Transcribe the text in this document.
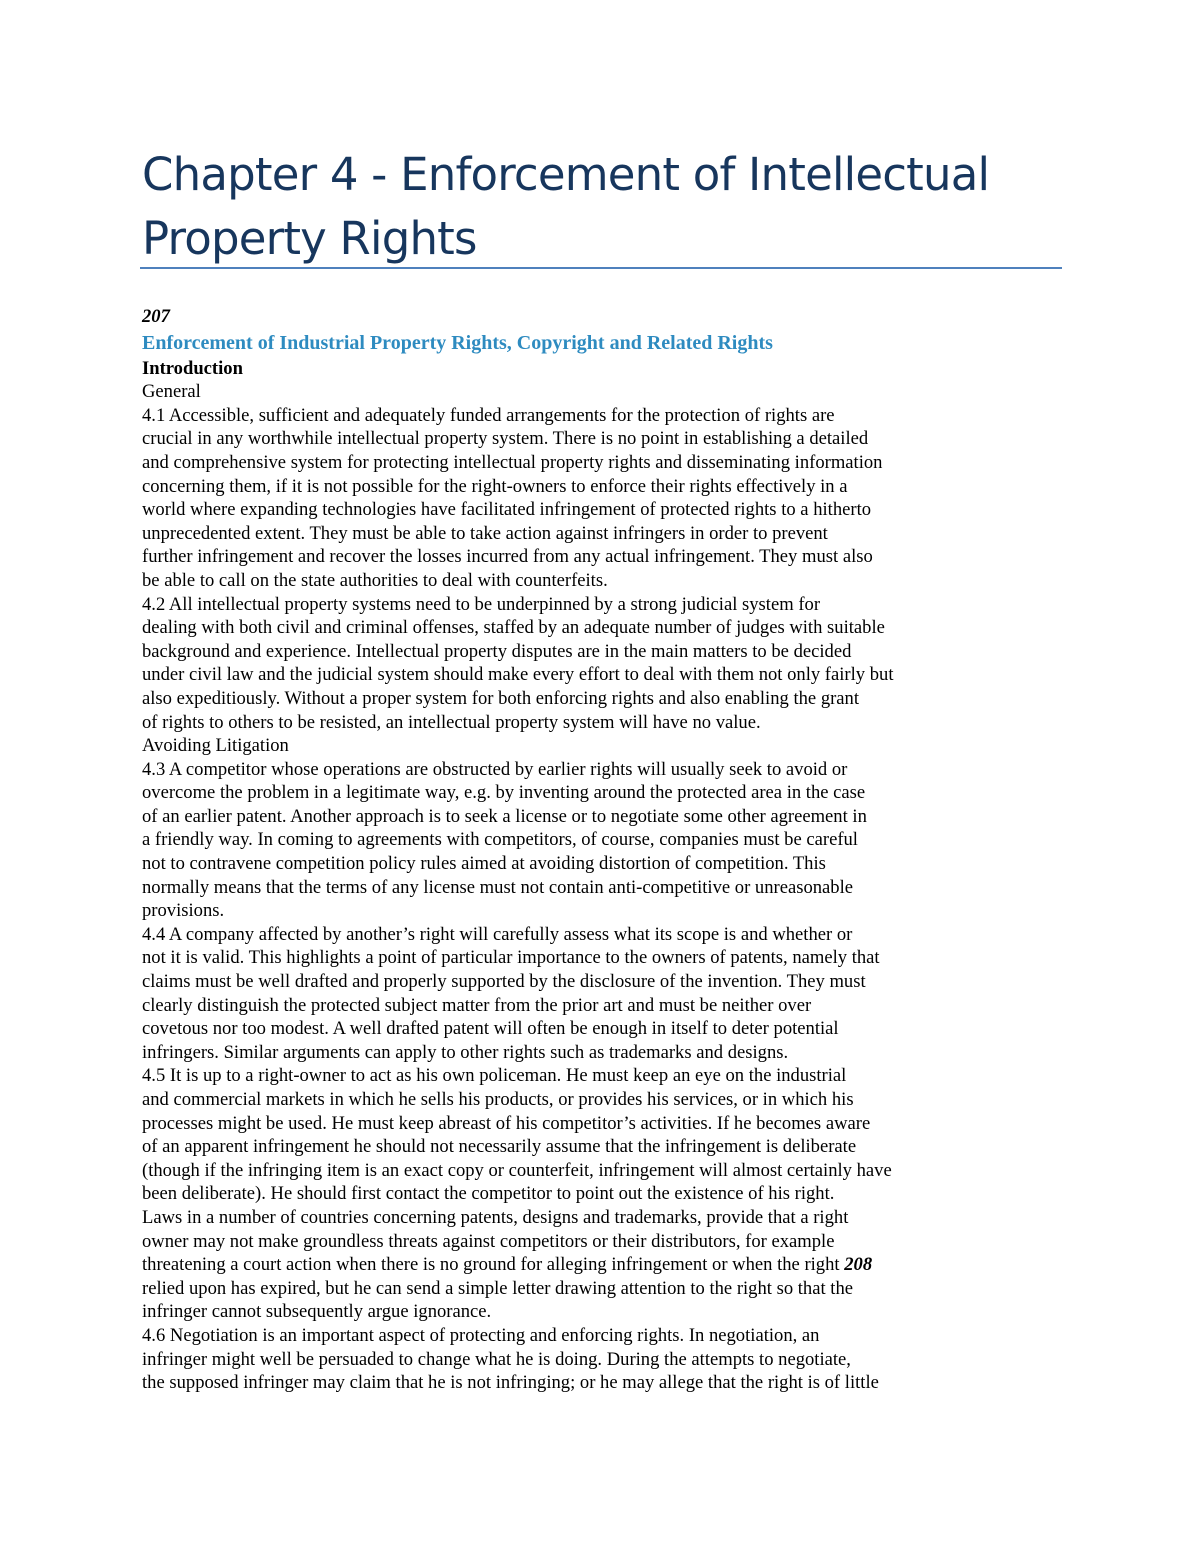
Chapter 4 - Enforcement of Intellectual Property Rights
207
Enforcement of Industrial Property Rights, Copyright and Related Rights
Introduction
General
4.1 Accessible, sufficient and adequately funded arrangements for the protection of rights are
crucial in any worthwhile intellectual property system. There is no point in establishing a detailed
and comprehensive system for protecting intellectual property rights and disseminating information
concerning them, if it is not possible for the right-owners to enforce their rights effectively in a
world where expanding technologies have facilitated infringement of protected rights to a hitherto
unprecedented extent. They must be able to take action against infringers in order to prevent
further infringement and recover the losses incurred from any actual infringement. They must also
be able to call on the state authorities to deal with counterfeits.
4.2 All intellectual property systems need to be underpinned by a strong judicial system for
dealing with both civil and criminal offenses, staffed by an adequate number of judges with suitable
background and experience. Intellectual property disputes are in the main matters to be decided
under civil law and the judicial system should make every effort to deal with them not only fairly but
also expeditiously. Without a proper system for both enforcing rights and also enabling the grant
of rights to others to be resisted, an intellectual property system will have no value.
Avoiding Litigation
4.3 A competitor whose operations are obstructed by earlier rights will usually seek to avoid or
overcome the problem in a legitimate way, e.g. by inventing around the protected area in the case
of an earlier patent. Another approach is to seek a license or to negotiate some other agreement in
a friendly way. In coming to agreements with competitors, of course, companies must be careful
not to contravene competition policy rules aimed at avoiding distortion of competition. This
normally means that the terms of any license must not contain anti-competitive or unreasonable
provisions.
4.4 A company affected by another’s right will carefully assess what its scope is and whether or
not it is valid. This highlights a point of particular importance to the owners of patents, namely that
claims must be well drafted and properly supported by the disclosure of the invention. They must
clearly distinguish the protected subject matter from the prior art and must be neither over
covetous nor too modest. A well drafted patent will often be enough in itself to deter potential
infringers. Similar arguments can apply to other rights such as trademarks and designs.
4.5 It is up to a right-owner to act as his own policeman. He must keep an eye on the industrial
and commercial markets in which he sells his products, or provides his services, or in which his
processes might be used. He must keep abreast of his competitor’s activities. If he becomes aware
of an apparent infringement he should not necessarily assume that the infringement is deliberate
(though if the infringing item is an exact copy or counterfeit, infringement will almost certainly have
been deliberate). He should first contact the competitor to point out the existence of his right.
Laws in a number of countries concerning patents, designs and trademarks, provide that a right
owner may not make groundless threats against competitors or their distributors, for example
threatening a court action when there is no ground for alleging infringement or when the right 208
relied upon has expired, but he can send a simple letter drawing attention to the right so that the
infringer cannot subsequently argue ignorance.
4.6 Negotiation is an important aspect of protecting and enforcing rights. In negotiation, an
infringer might well be persuaded to change what he is doing. During the attempts to negotiate,
the supposed infringer may claim that he is not infringing; or he may allege that the right is of little
